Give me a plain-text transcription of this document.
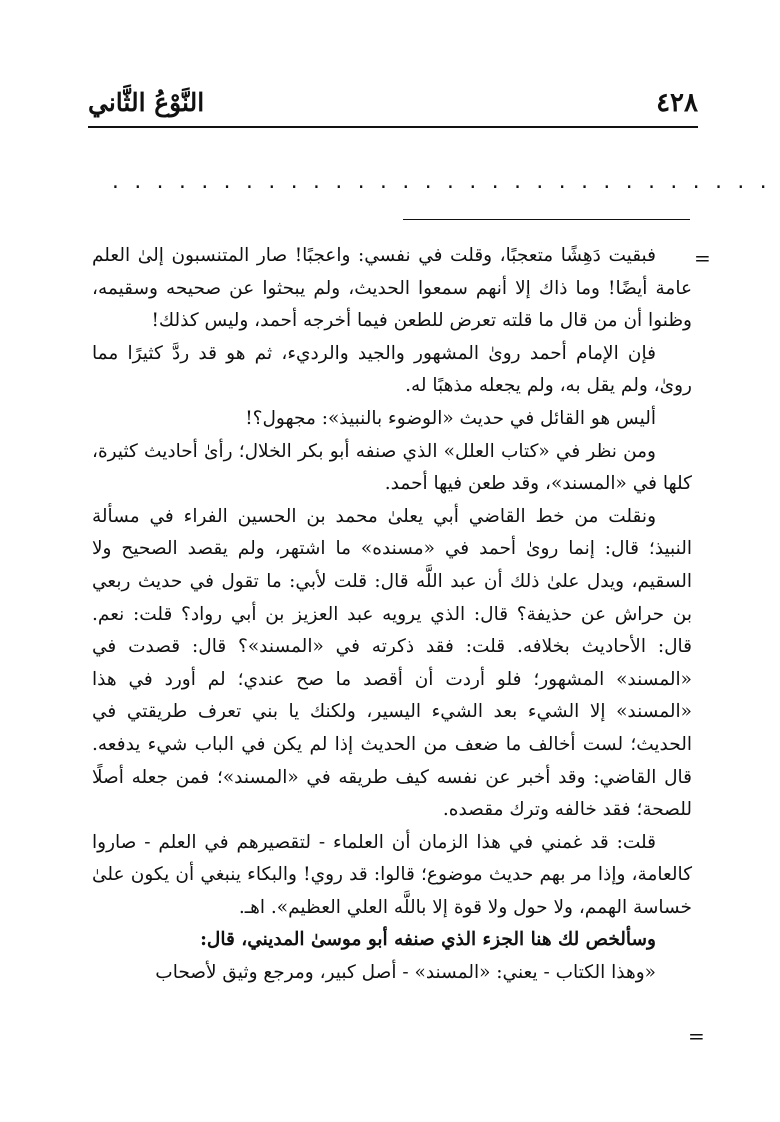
النَّوْعُ الثَّاني	٤٢٨
..............................
=

فبقيت دَهِشًا متعجبًا، وقلت في نفسي: واعجبًا! صار المتنسبون إلىٰ العلم عامة أيضًا! وما ذاك إلا أنهم سمعوا الحديث، ولم يبحثوا عن صحيحه وسقيمه، وظنوا أن من قال ما قلته تعرض للطعن فيما أخرجه أحمد، وليس كذلك!

فإن الإمام أحمد روىٰ المشهور والجيد والرديء، ثم هو قد ردَّ كثيرًا مما روىٰ، ولم يقل به، ولم يجعله مذهبًا له.

أليس هو القائل في حديث «الوضوء بالنبيذ»: مجهول؟!

ومن نظر في «كتاب العلل» الذي صنفه أبو بكر الخلال؛ رأىٰ أحاديث كثيرة، كلها في «المسند»، وقد طعن فيها أحمد.

ونقلت من خط القاضي أبي يعلىٰ محمد بن الحسين الفراء في مسألة النبيذ؛ قال: إنما روىٰ أحمد في «مسنده» ما اشتهر، ولم يقصد الصحيح ولا السقيم، ويدل علىٰ ذلك أن عبد اللَّه قال: قلت لأبي: ما تقول في حديث ربعي بن حراش عن حذيفة؟ قال: الذي يرويه عبد العزيز بن أبي رواد؟ قلت: نعم. قال: الأحاديث بخلافه. قلت: فقد ذكرته في «المسند»؟ قال: قصدت في «المسند» المشهور؛ فلو أردت أن أقصد ما صح عندي؛ لم أورد في هذا «المسند» إلا الشيء بعد الشيء اليسير، ولكنك يا بني تعرف طريقتي في الحديث؛ لست أخالف ما ضعف من الحديث إذا لم يكن في الباب شيء يدفعه. قال القاضي: وقد أخبر عن نفسه كيف طريقه في «المسند»؛ فمن جعله أصلًا للصحة؛ فقد خالفه وترك مقصده.

قلت: قد غمني في هذا الزمان أن العلماء - لتقصيرهم في العلم - صاروا كالعامة، وإذا مر بهم حديث موضوع؛ قالوا: قد روي! والبكاء ينبغي أن يكون علىٰ خساسة الهمم، ولا حول ولا قوة إلا باللَّه العلي العظيم». اهـ.

وسألخص لك هنا الجزء الذي صنفه أبو موسىٰ المديني، قال:

«وهذا الكتاب - يعني: «المسند» - أصل كبير، ومرجع وثيق لأصحاب

=
